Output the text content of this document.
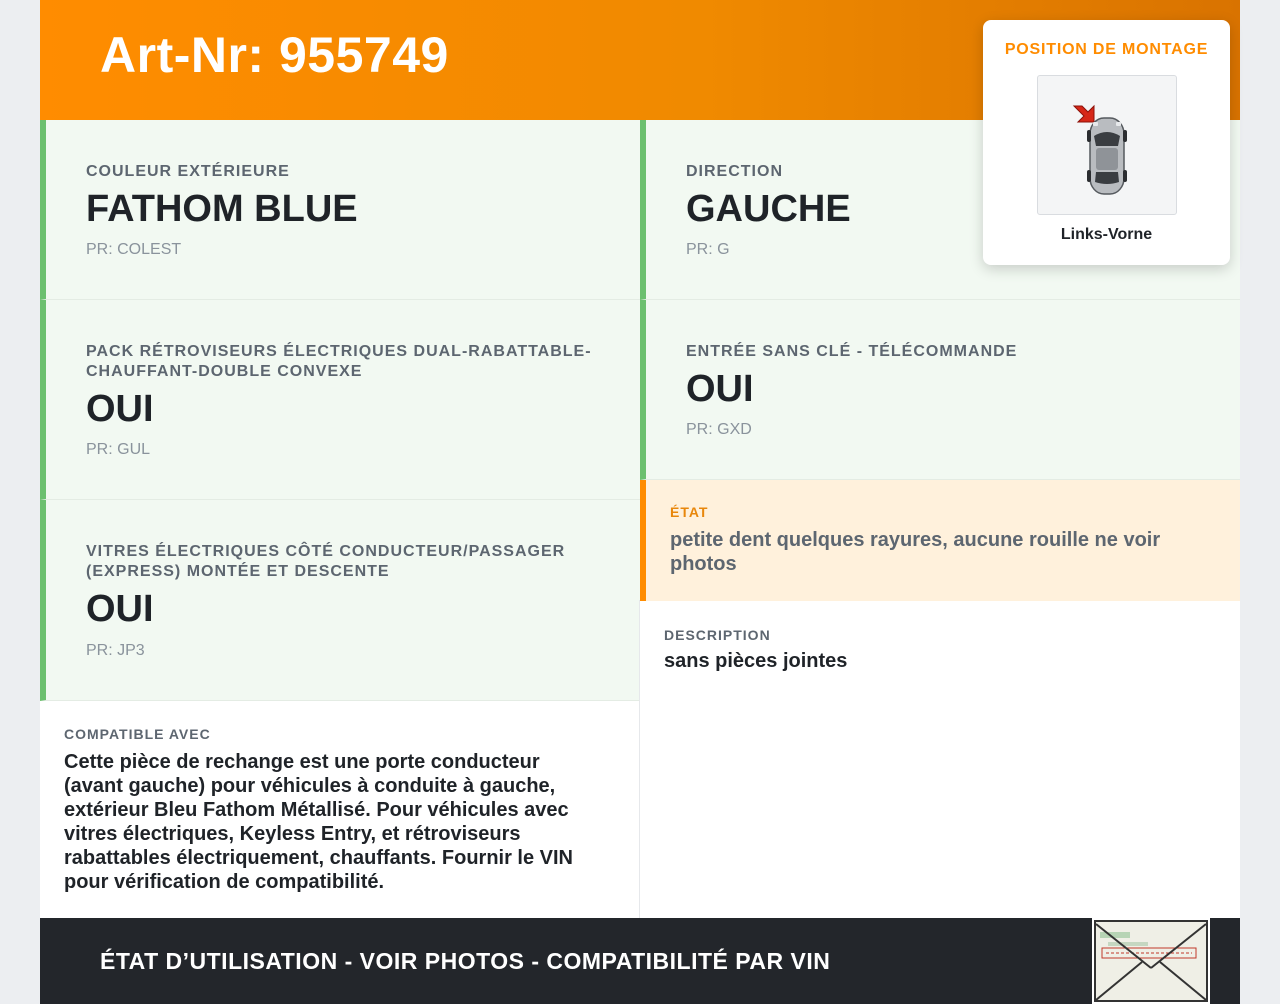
Art-Nr: 955749
COULEUR EXTÉRIEURE
FATHOM BLUE
PR: COLEST
PACK RÉTROVISEURS ÉLECTRIQUES DUAL-RABATTABLE-CHAUFFANT-DOUBLE CONVEXE
OUI
PR: GUL
VITRES ÉLECTRIQUES CÔTÉ CONDUCTEUR/PASSAGER (EXPRESS) MONTÉE ET DESCENTE
OUI
PR: JP3
DIRECTION
GAUCHE
PR: G
ENTRÉE SANS CLÉ - TÉLÉCOMMANDE
OUI
PR: GXD
ÉTAT
petite dent quelques rayures, aucune rouille ne voir photos
DESCRIPTION
sans pièces jointes
COMPATIBLE AVEC
Cette pièce de rechange est une porte conducteur (avant gauche) pour véhicules à conduite à gauche, extérieur Bleu Fathom Métallisé. Pour véhicules avec vitres électriques, Keyless Entry, et rétroviseurs rabattables électriquement, chauffants. Fournir le VIN pour vérification de compatibilité.
ÉTAT D’UTILISATION - VOIR PHOTOS - COMPATIBILITÉ PAR VIN
POSITION DE MONTAGE
Links-Vorne
